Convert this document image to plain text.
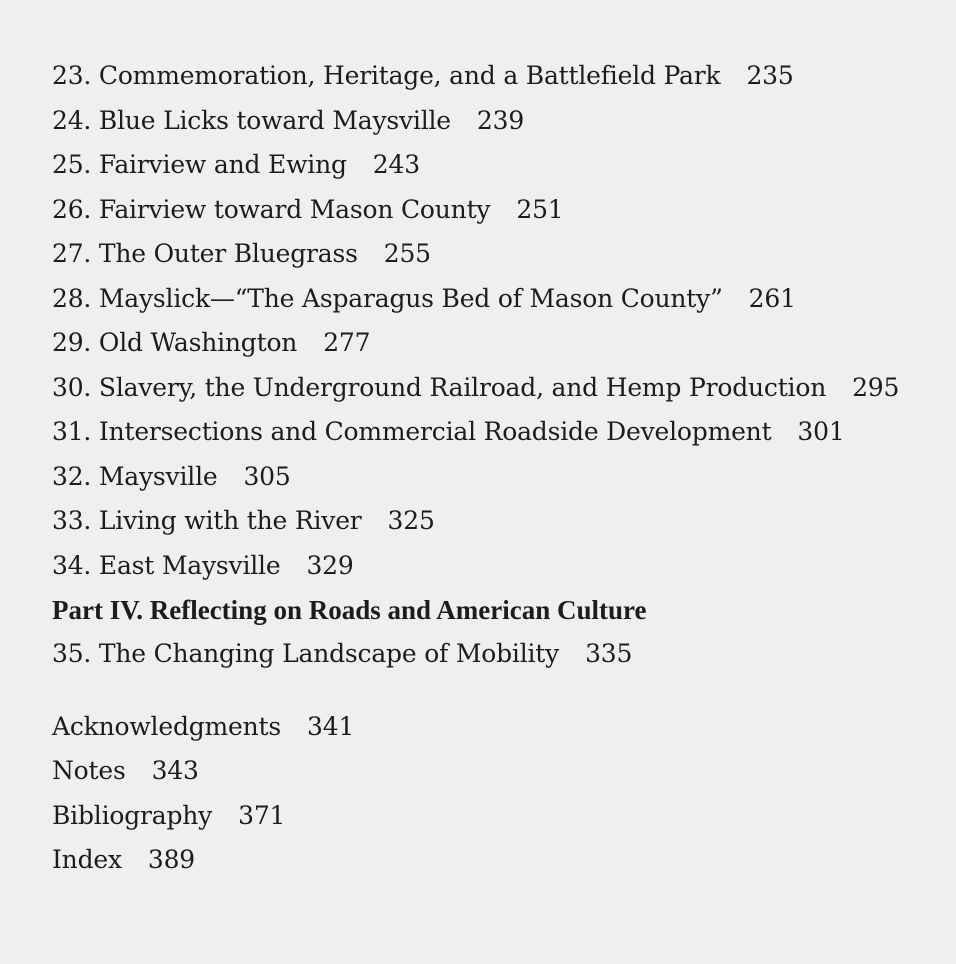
23. Commemoration, Heritage, and a Battlefield Park 235
24. Blue Licks toward Maysville 239
25. Fairview and Ewing 243
26. Fairview toward Mason County 251
27. The Outer Bluegrass 255
28. Mayslick—“The Asparagus Bed of Mason County” 261
29. Old Washington 277
30. Slavery, the Underground Railroad, and Hemp Production 295
31. Intersections and Commercial Roadside Development 301
32. Maysville 305
33. Living with the River 325
34. East Maysville 329
Part IV. Reflecting on Roads and American Culture
35. The Changing Landscape of Mobility 335
Acknowledgments 341
Notes 343
Bibliography 371
Index 389
